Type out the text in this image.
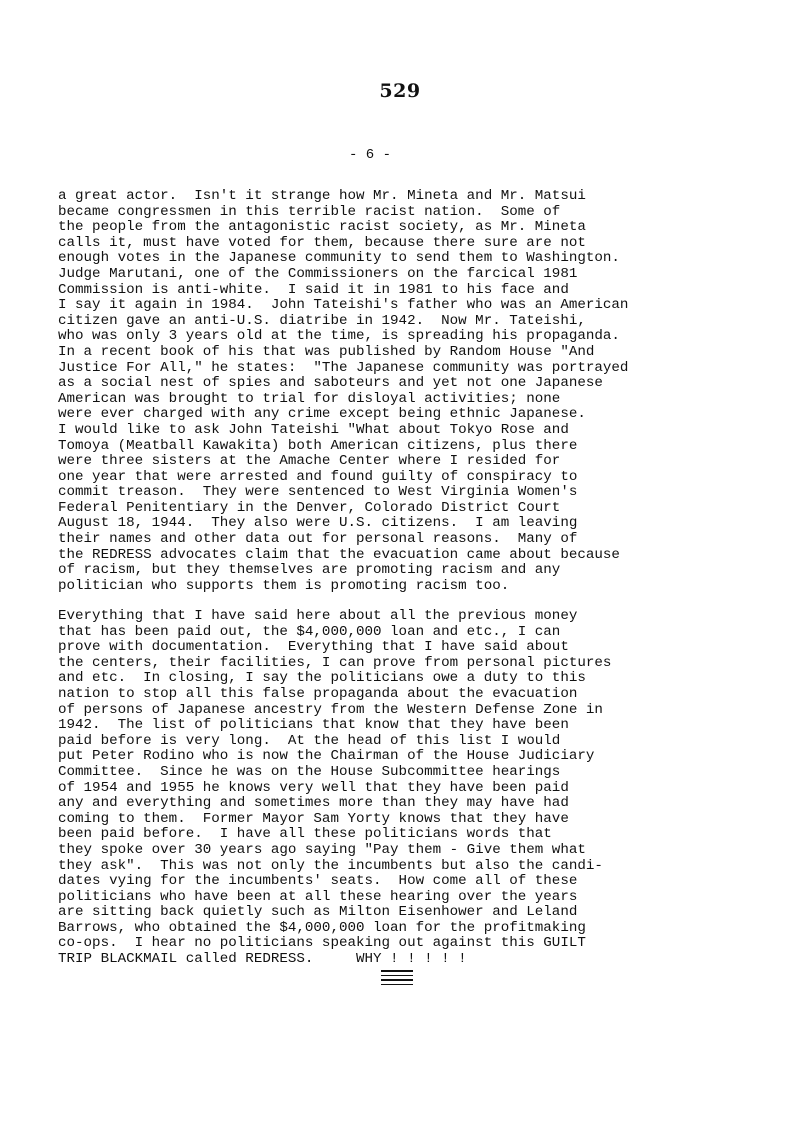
529
- 6 -
a great actor.  Isn't it strange how Mr. Mineta and Mr. Matsui
became congressmen in this terrible racist nation.  Some of
the people from the antagonistic racist society, as Mr. Mineta
calls it, must have voted for them, because there sure are not
enough votes in the Japanese community to send them to Washington.
Judge Marutani, one of the Commissioners on the farcical 1981
Commission is anti-white.  I said it in 1981 to his face and
I say it again in 1984.  John Tateishi's father who was an American
citizen gave an anti-U.S. diatribe in 1942.  Now Mr. Tateishi,
who was only 3 years old at the time, is spreading his propaganda.
In a recent book of his that was published by Random House "And
Justice For All," he states:  "The Japanese community was portrayed
as a social nest of spies and saboteurs and yet not one Japanese
American was brought to trial for disloyal activities; none
were ever charged with any crime except being ethnic Japanese.
I would like to ask John Tateishi "What about Tokyo Rose and
Tomoya (Meatball Kawakita) both American citizens, plus there
were three sisters at the Amache Center where I resided for
one year that were arrested and found guilty of conspiracy to
commit treason.  They were sentenced to West Virginia Women's
Federal Penitentiary in the Denver, Colorado District Court
August 18, 1944.  They also were U.S. citizens.  I am leaving
their names and other data out for personal reasons.  Many of
the REDRESS advocates claim that the evacuation came about because
of racism, but they themselves are promoting racism and any
politician who supports them is promoting racism too.
Everything that I have said here about all the previous money
that has been paid out, the $4,000,000 loan and etc., I can
prove with documentation.  Everything that I have said about
the centers, their facilities, I can prove from personal pictures
and etc.  In closing, I say the politicians owe a duty to this
nation to stop all this false propaganda about the evacuation
of persons of Japanese ancestry from the Western Defense Zone in
1942.  The list of politicians that know that they have been
paid before is very long.  At the head of this list I would
put Peter Rodino who is now the Chairman of the House Judiciary
Committee.  Since he was on the House Subcommittee hearings
of 1954 and 1955 he knows very well that they have been paid
any and everything and sometimes more than they may have had
coming to them.  Former Mayor Sam Yorty knows that they have
been paid before.  I have all these politicians words that
they spoke over 30 years ago saying "Pay them - Give them what
they ask".  This was not only the incumbents but also the candi-
dates vying for the incumbents' seats.  How come all of these
politicians who have been at all these hearing over the years
are sitting back quietly such as Milton Eisenhower and Leland
Barrows, who obtained the $4,000,000 loan for the profitmaking
co-ops.  I hear no politicians speaking out against this GUILT
TRIP BLACKMAIL called REDRESS.     WHY ! ! ! ! !
